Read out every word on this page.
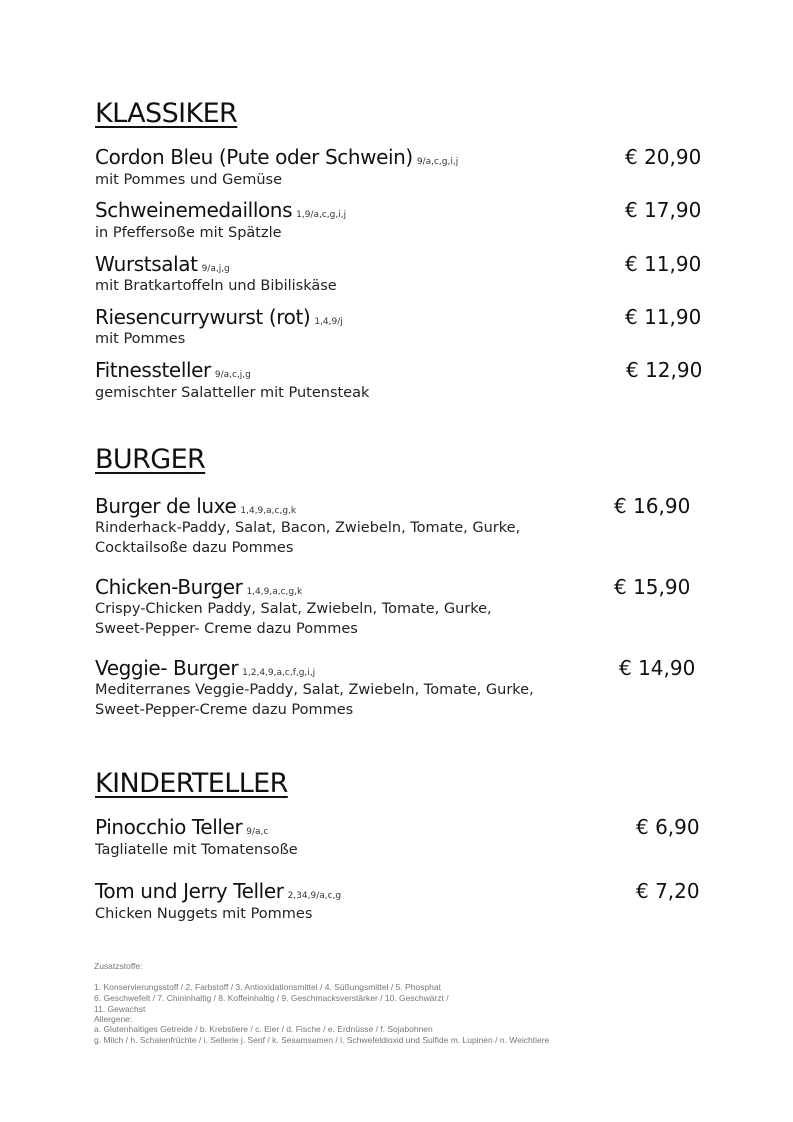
KLASSIKER
Cordon Bleu (Pute oder Schwein) 9/a,c,g,i,j	€ 20,90
mit Pommes und Gemüse
Schweinemedaillons 1,9/a,c,g,i,j	€ 17,90
in Pfeffersoße mit Spätzle
Wurstsalat 9/a,j,g	€ 11,90
mit Bratkartoffeln und Bibiliskäse
Riesencurrywurst (rot) 1,4,9/j	€ 11,90
mit Pommes
Fitnessteller 9/a,c,j,g	€ 12,90
gemischter Salatteller mit Putensteak
BURGER
Burger de luxe 1,4,9,a,c,g,k	€ 16,90
Rinderhack-Paddy, Salat, Bacon, Zwiebeln, Tomate, Gurke,
Cocktailsoße dazu Pommes
Chicken-Burger 1,4,9,a,c,g,k	€ 15,90
Crispy-Chicken Paddy, Salat, Zwiebeln, Tomate, Gurke,
Sweet-Pepper- Creme dazu Pommes
Veggie- Burger 1,2,4,9,a,c,f,g,i,j	€ 14,90
Mediterranes Veggie-Paddy, Salat, Zwiebeln, Tomate, Gurke,
Sweet-Pepper-Creme dazu Pommes
KINDERTELLER
Pinocchio Teller 9/a,c	€ 6,90
Tagliatelle mit Tomatensoße
Tom und Jerry Teller 2,34,9/a,c,g	€ 7,20
Chicken Nuggets mit Pommes
Zusatzstoffe:
1. Konservierungsstoff / 2. Farbstoff / 3. Antioxidationsmittel / 4. Süßungsmittel / 5. Phosphat
6. Geschwefelt / 7. Chininhaltig / 8. Koffeinhaltig / 9. Geschmacksverstärker / 10. Geschwärzt /
11. Gewachst
Allergene:
a. Glutenhaltiges Getreide / b. Krebstiere / c. Eier / d. Fische / e. Erdnüsse / f. Sojabohnen
g. Milch / h. Schalenfrüchte / i. Sellerie j. Senf / k. Sesamsamen / l. Schwefeldioxid und Sulfide m. Lupinen / n. Weichtiere
